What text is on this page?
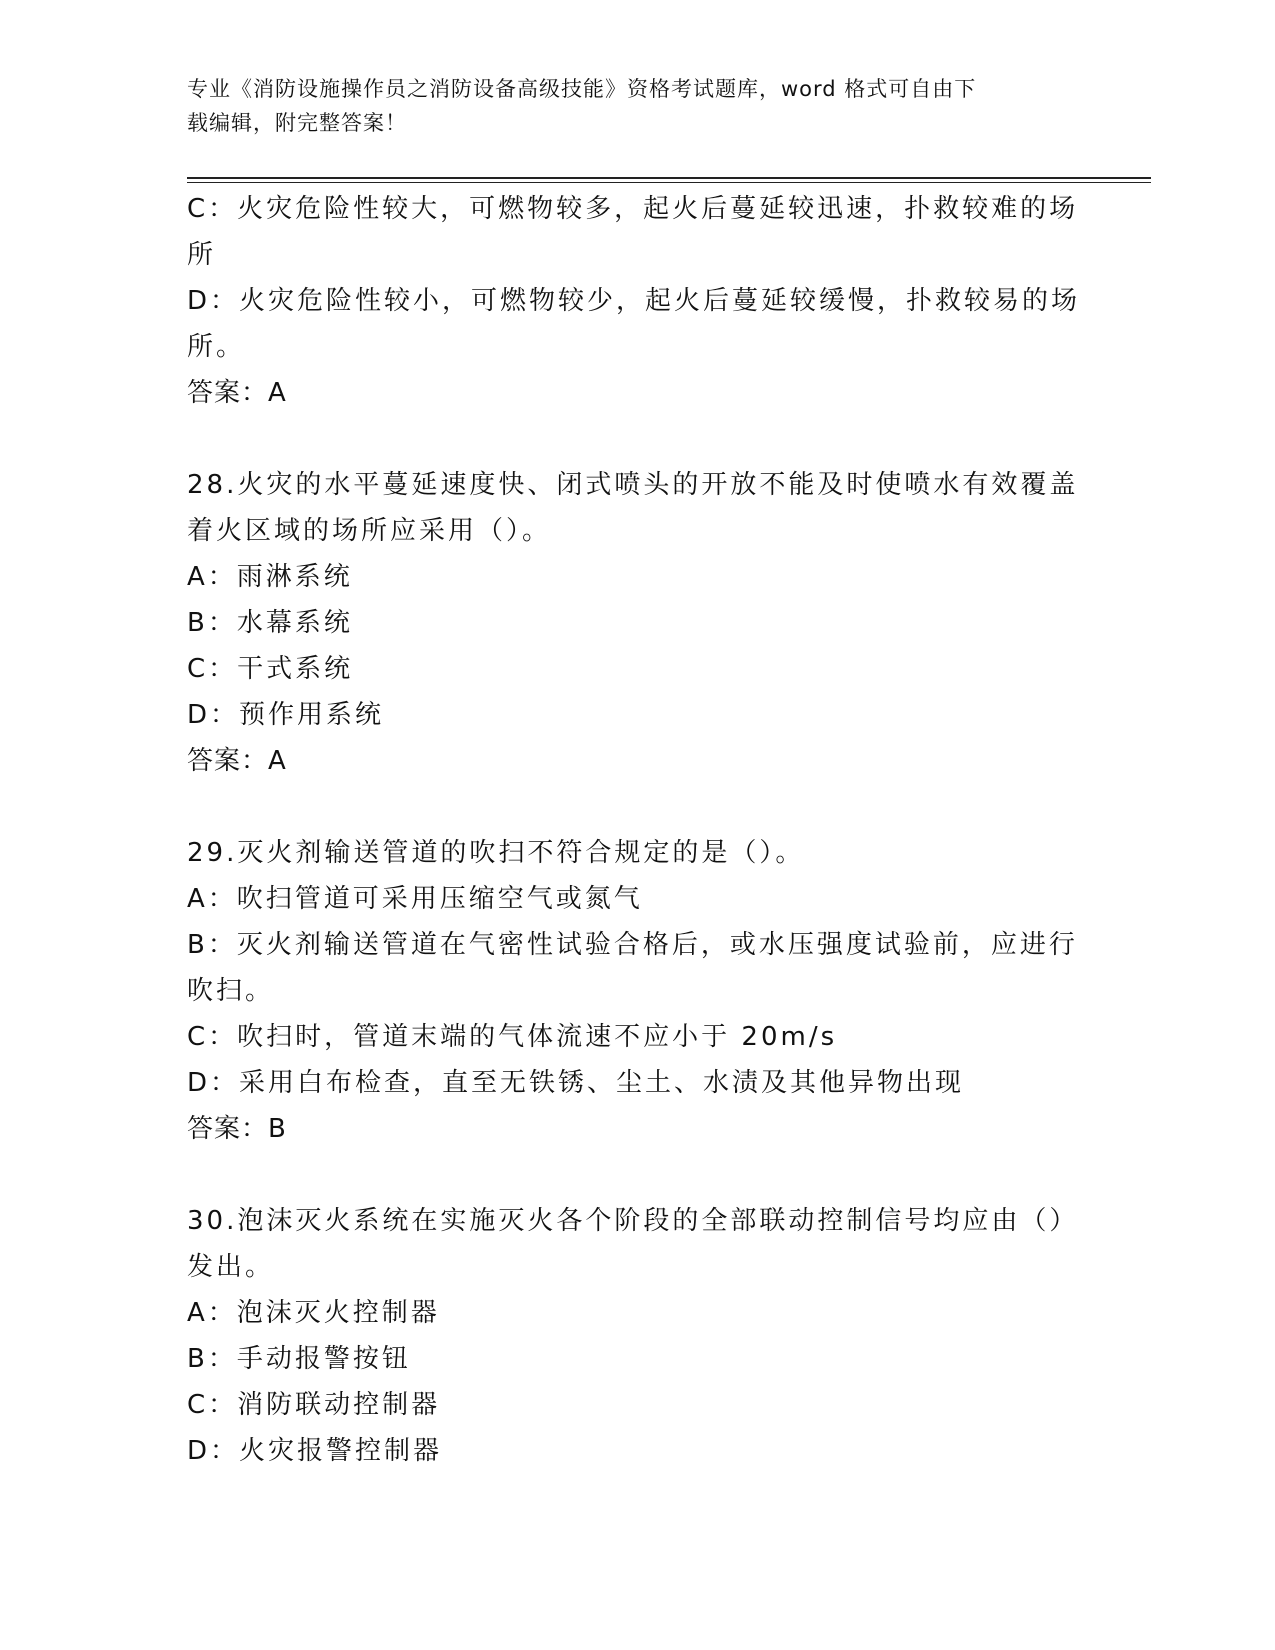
专业《消防设施操作员之消防设备高级技能》资格考试题库，word 格式可自由下
载编辑，附完整答案！

C：火灾危险性较大，可燃物较多，起火后蔓延较迅速，扑救较难的场

所

D：火灾危险性较小，可燃物较少，起火后蔓延较缓慢，扑救较易的场

所。

答案：A

28.火灾的水平蔓延速度快、闭式喷头的开放不能及时使喷水有效覆盖

着火区域的场所应采用（）。

A：雨淋系统

B：水幕系统

C：干式系统

D：预作用系统

答案：A

29.灭火剂输送管道的吹扫不符合规定的是（）。

A：吹扫管道可采用压缩空气或氮气

B：灭火剂输送管道在气密性试验合格后，或水压强度试验前，应进行

吹扫。

C：吹扫时，管道末端的气体流速不应小于 20m/s

D：采用白布检查，直至无铁锈、尘土、水渍及其他异物出现

答案：B

30.泡沫灭火系统在实施灭火各个阶段的全部联动控制信号均应由（）

发出。

A：泡沫灭火控制器

B：手动报警按钮

C：消防联动控制器

D：火灾报警控制器
